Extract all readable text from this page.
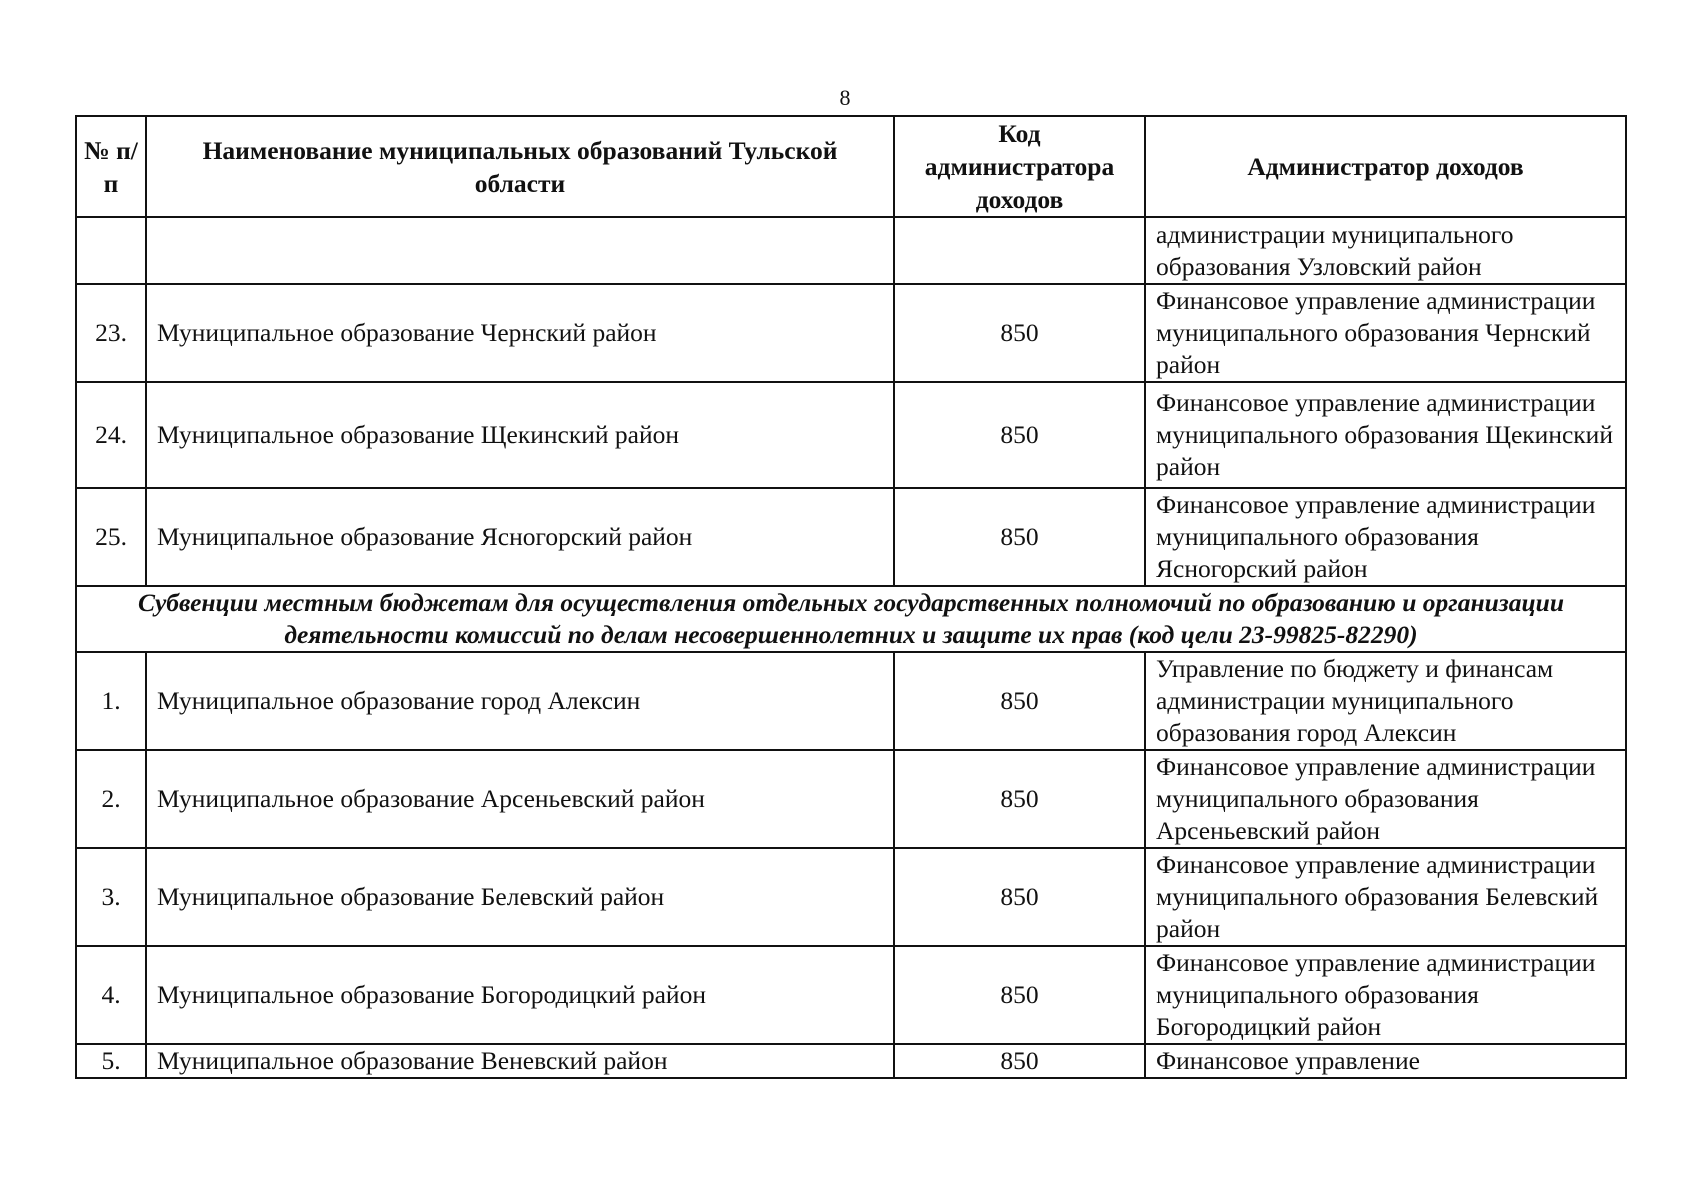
8
№ п/п	Наименование муниципальных образований Тульской области	Код администратора доходов	Администратор доходов
			администрации муниципального образования Узловский район
23.	Муниципальное образование Чернский район	850	Финансовое управление администрации муниципального образования Чернский район
24.	Муниципальное образование Щекинский район	850	Финансовое управление администрации муниципального образования Щекинский район
25.	Муниципальное образование Ясногорский район	850	Финансовое управление администрации муниципального образования Ясногорский район
Субвенции местным бюджетам для осуществления отдельных государственных полномочий по образованию и организации деятельности комиссий по делам несовершеннолетних и защите их прав (код цели 23-99825-82290)			
1.	Муниципальное образование город Алексин	850	Управление по бюджету и финансам администрации муниципального образования город Алексин
2.	Муниципальное образование Арсеньевский район	850	Финансовое управление администрации муниципального образования Арсеньевский район
3.	Муниципальное образование Белевский район	850	Финансовое управление администрации муниципального образования Белевский район
4.	Муниципальное образование Богородицкий район	850	Финансовое управление администрации муниципального образования Богородицкий район
5.	Муниципальное образование Веневский район	850	Финансовое управление
